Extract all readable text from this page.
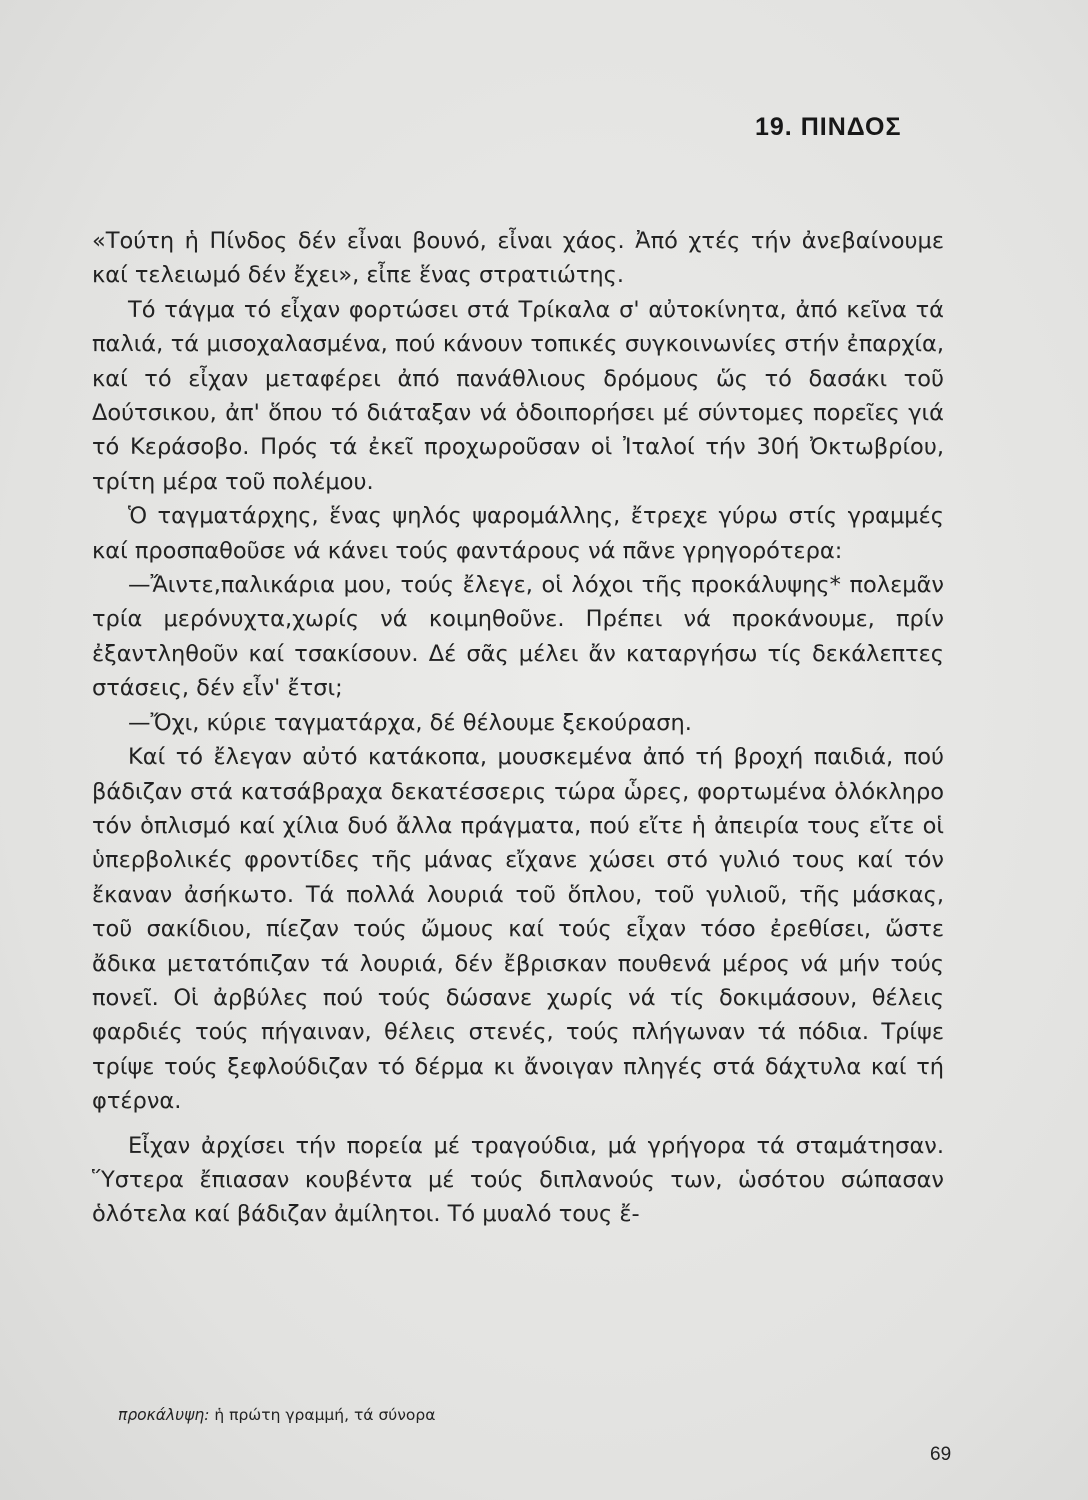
19. ΠΙΝΔΟΣ

«Τούτη ἡ Πίνδος δέν εἶναι βουνό, εἶναι χάος. Ἀπό χτές τήν ἀνεβαίνουμε καί τελειωμό δέν ἔχει», εἶπε ἕνας στρατιώτης.

Τό τάγμα τό εἶχαν φορτώσει στά Τρίκαλα σ' αὐτοκίνητα, ἀπό κεῖνα τά παλιά, τά μισοχαλασμένα, πού κάνουν τοπικές συγκοινωνίες στήν ἐπαρχία, καί τό εἶχαν μεταφέρει ἀπό πανάθλιους δρόμους ὥς τό δασάκι τοῦ Δούτσικου, ἀπ' ὅπου τό διάταξαν νά ὁδοιπορήσει μέ σύντομες πορεῖες γιά τό Κεράσοβο. Πρός τά ἐκεῖ προχωροῦσαν οἱ Ἰταλοί τήν 30ή Ὀκτωβρίου, τρίτη μέρα τοῦ πολέμου.

Ὁ ταγματάρχης, ἕνας ψηλός ψαρομάλλης, ἔτρεχε γύρω στίς γραμμές καί προσπαθοῦσε νά κάνει τούς φαντάρους νά πᾶνε γρηγορότερα:

—Ἄιντε,παλικάρια μου, τούς ἔλεγε, οἱ λόχοι τῆς προκάλυψης* πολεμᾶν τρία μερόνυχτα,χωρίς νά κοιμηθοῦνε. Πρέπει νά προκάνουμε, πρίν ἐξαντληθοῦν καί τσακίσουν. Δέ σᾶς μέλει ἄν καταργήσω τίς δεκάλεπτες στάσεις, δέν εἶν' ἔτσι;

—Ὄχι, κύριε ταγματάρχα, δέ θέλουμε ξεκούραση.

Καί τό ἔλεγαν αὐτό κατάκοπα, μουσκεμένα ἀπό τή βροχή παιδιά, πού βάδιζαν στά κατσάβραχα δεκατέσσερις τώρα ὧρες, φορτωμένα ὁλόκληρο τόν ὁπλισμό καί χίλια δυό ἄλλα πράγματα, πού εἴτε ἡ ἀπειρία τους εἴτε οἱ ὑπερβολικές φροντίδες τῆς μάνας εἴχανε χώσει στό γυλιό τους καί τόν ἔκαναν ἀσήκωτο. Τά πολλά λουριά τοῦ ὅπλου, τοῦ γυλιοῦ, τῆς μάσκας, τοῦ σακίδιου, πίεζαν τούς ὤμους καί τούς εἶχαν τόσο ἐρεθίσει, ὥστε ἄδικα μετατόπιζαν τά λουριά, δέν ἔβρισκαν πουθενά μέρος νά μήν τούς πονεῖ. Οἱ ἀρβύλες πού τούς δώσανε χωρίς νά τίς δοκιμάσουν, θέλεις φαρδιές τούς πήγαιναν, θέλεις στενές, τούς πλήγωναν τά πόδια. Τρίψε τρίψε τούς ξεφλούδιζαν τό δέρμα κι ἄνοιγαν πληγές στά δάχτυλα καί τή φτέρνα.

Εἶχαν ἀρχίσει τήν πορεία μέ τραγούδια, μά γρήγορα τά σταμάτησαν. Ὕστερα ἔπιασαν κουβέντα μέ τούς διπλανούς των, ὡσότου σώπασαν ὁλότελα καί βάδιζαν ἀμίλητοι. Τό μυαλό τους ἔ-

προκάλυψη: ἡ πρώτη γραμμή, τά σύνορα
69
